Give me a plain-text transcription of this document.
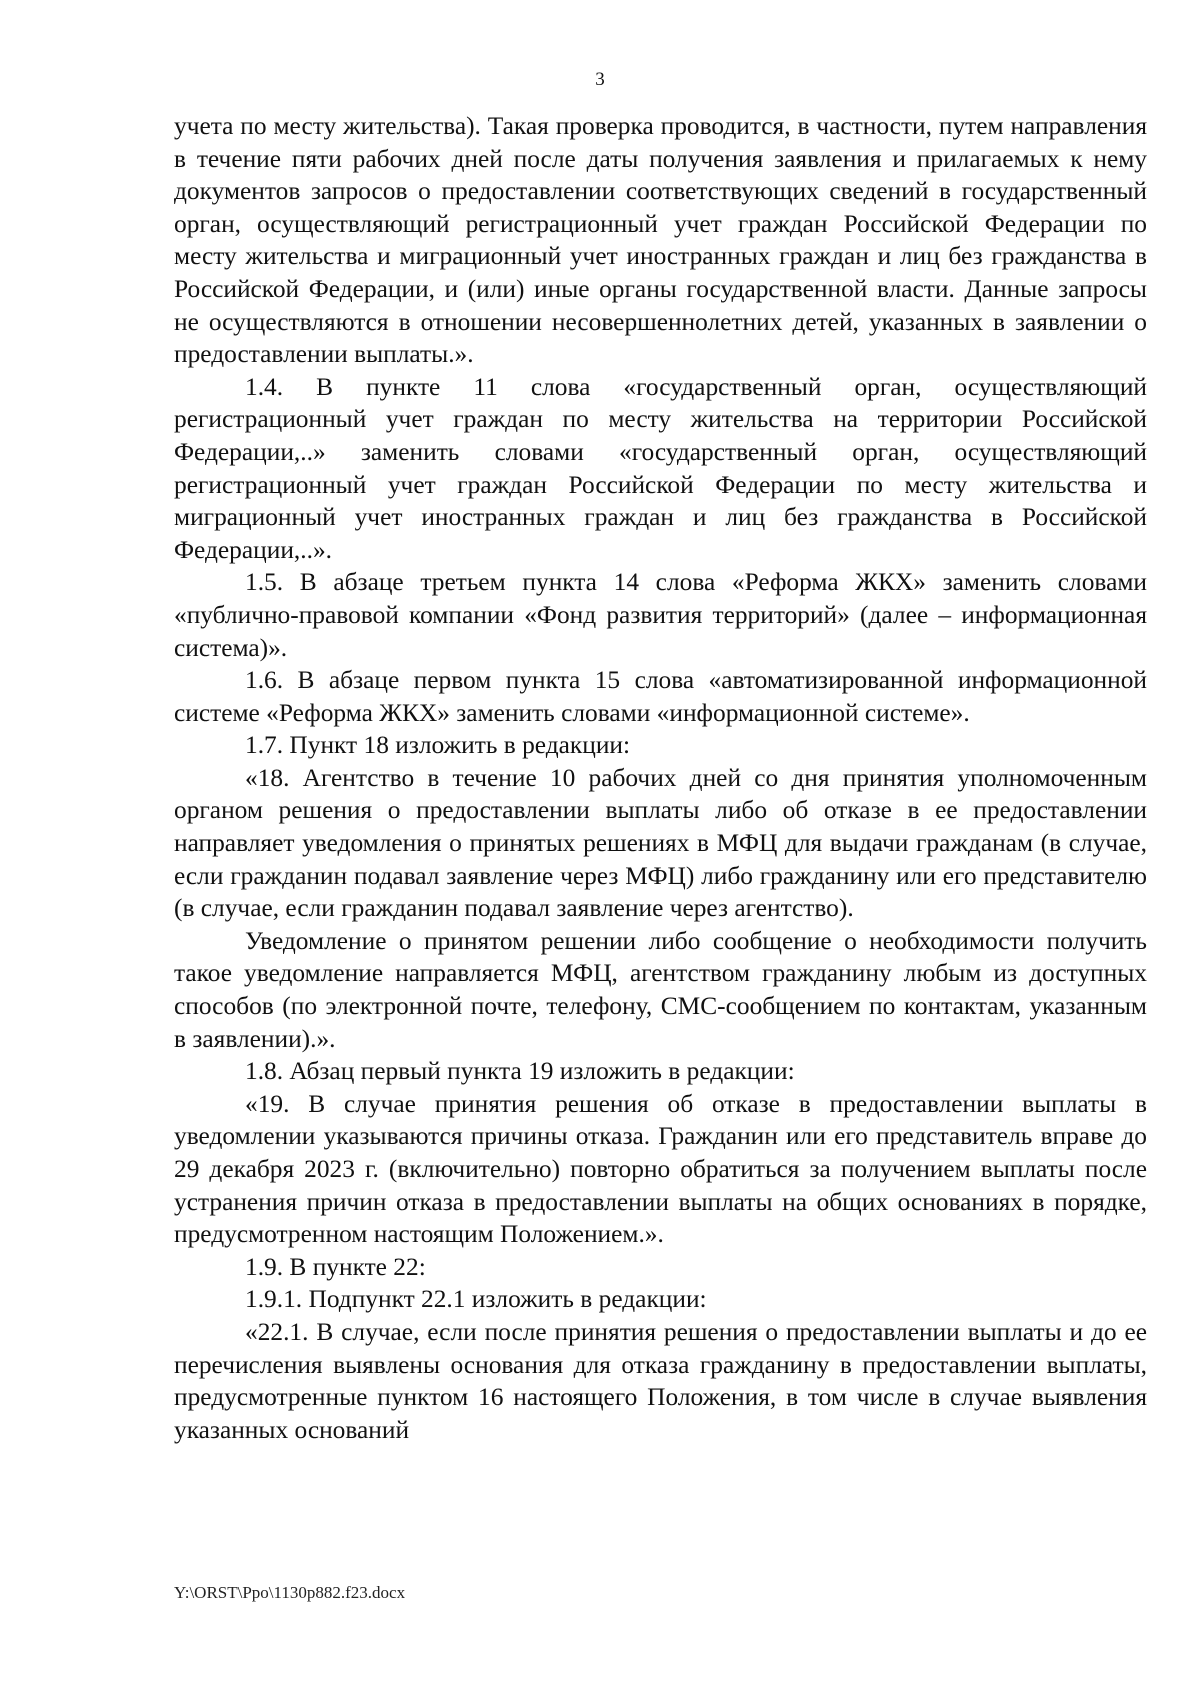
3

учета по месту жительства). Такая проверка проводится, в частности, путем направления в течение пяти рабочих дней после даты получения заявления и прилагаемых к нему документов запросов о предоставлении соответствующих сведений в государственный орган, осуществляющий регистрационный учет граждан Российской Федерации по месту жительства и миграционный учет иностранных граждан и лиц без гражданства в Российской Федерации, и (или) иные органы государственной власти. Данные запросы не осуществляются в отношении несовершеннолетних детей, указанных в заявлении о предоставлении выплаты.».

1.4. В пункте 11 слова «государственный орган, осуществляющий регистрационный учет граждан по месту жительства на территории Российской Федерации,..» заменить словами «государственный орган, осуществляющий регистрационный учет граждан Российской Федерации по месту жительства и миграционный учет иностранных граждан и лиц без гражданства в Российской Федерации,..».

1.5. В абзаце третьем пункта 14 слова «Реформа ЖКХ» заменить словами «публично-правовой компании «Фонд развития территорий» (далее – информационная система)».

1.6. В абзаце первом пункта 15 слова «автоматизированной информационной системе «Реформа ЖКХ» заменить словами «информационной системе».

1.7. Пункт 18 изложить в редакции:

«18. Агентство в течение 10 рабочих дней со дня принятия уполномоченным органом решения о предоставлении выплаты либо об отказе в ее предоставлении направляет уведомления о принятых решениях в МФЦ для выдачи гражданам (в случае, если гражданин подавал заявление через МФЦ) либо гражданину или его представителю (в случае, если гражданин подавал заявление через агентство).

Уведомление о принятом решении либо сообщение о необходимости получить такое уведомление направляется МФЦ, агентством гражданину любым из доступных способов (по электронной почте, телефону, СМС-сообщением по контактам, указанным в заявлении).».

1.8. Абзац первый пункта 19 изложить в редакции:

«19. В случае принятия решения об отказе в предоставлении выплаты в уведомлении указываются причины отказа. Гражданин или его представитель вправе до 29 декабря 2023 г. (включительно) повторно обратиться за получением выплаты после устранения причин отказа в предоставлении выплаты на общих основаниях в порядке, предусмотренном настоящим Положением.».

1.9. В пункте 22:

1.9.1. Подпункт 22.1 изложить в редакции:

«22.1. В случае, если после принятия решения о предоставлении выплаты и до ее перечисления выявлены основания для отказа гражданину в предоставлении выплаты, предусмотренные пунктом 16 настоящего Положения, в том числе в случае выявления указанных оснований

Y:\ORST\Ppo\1130p882.f23.docx
